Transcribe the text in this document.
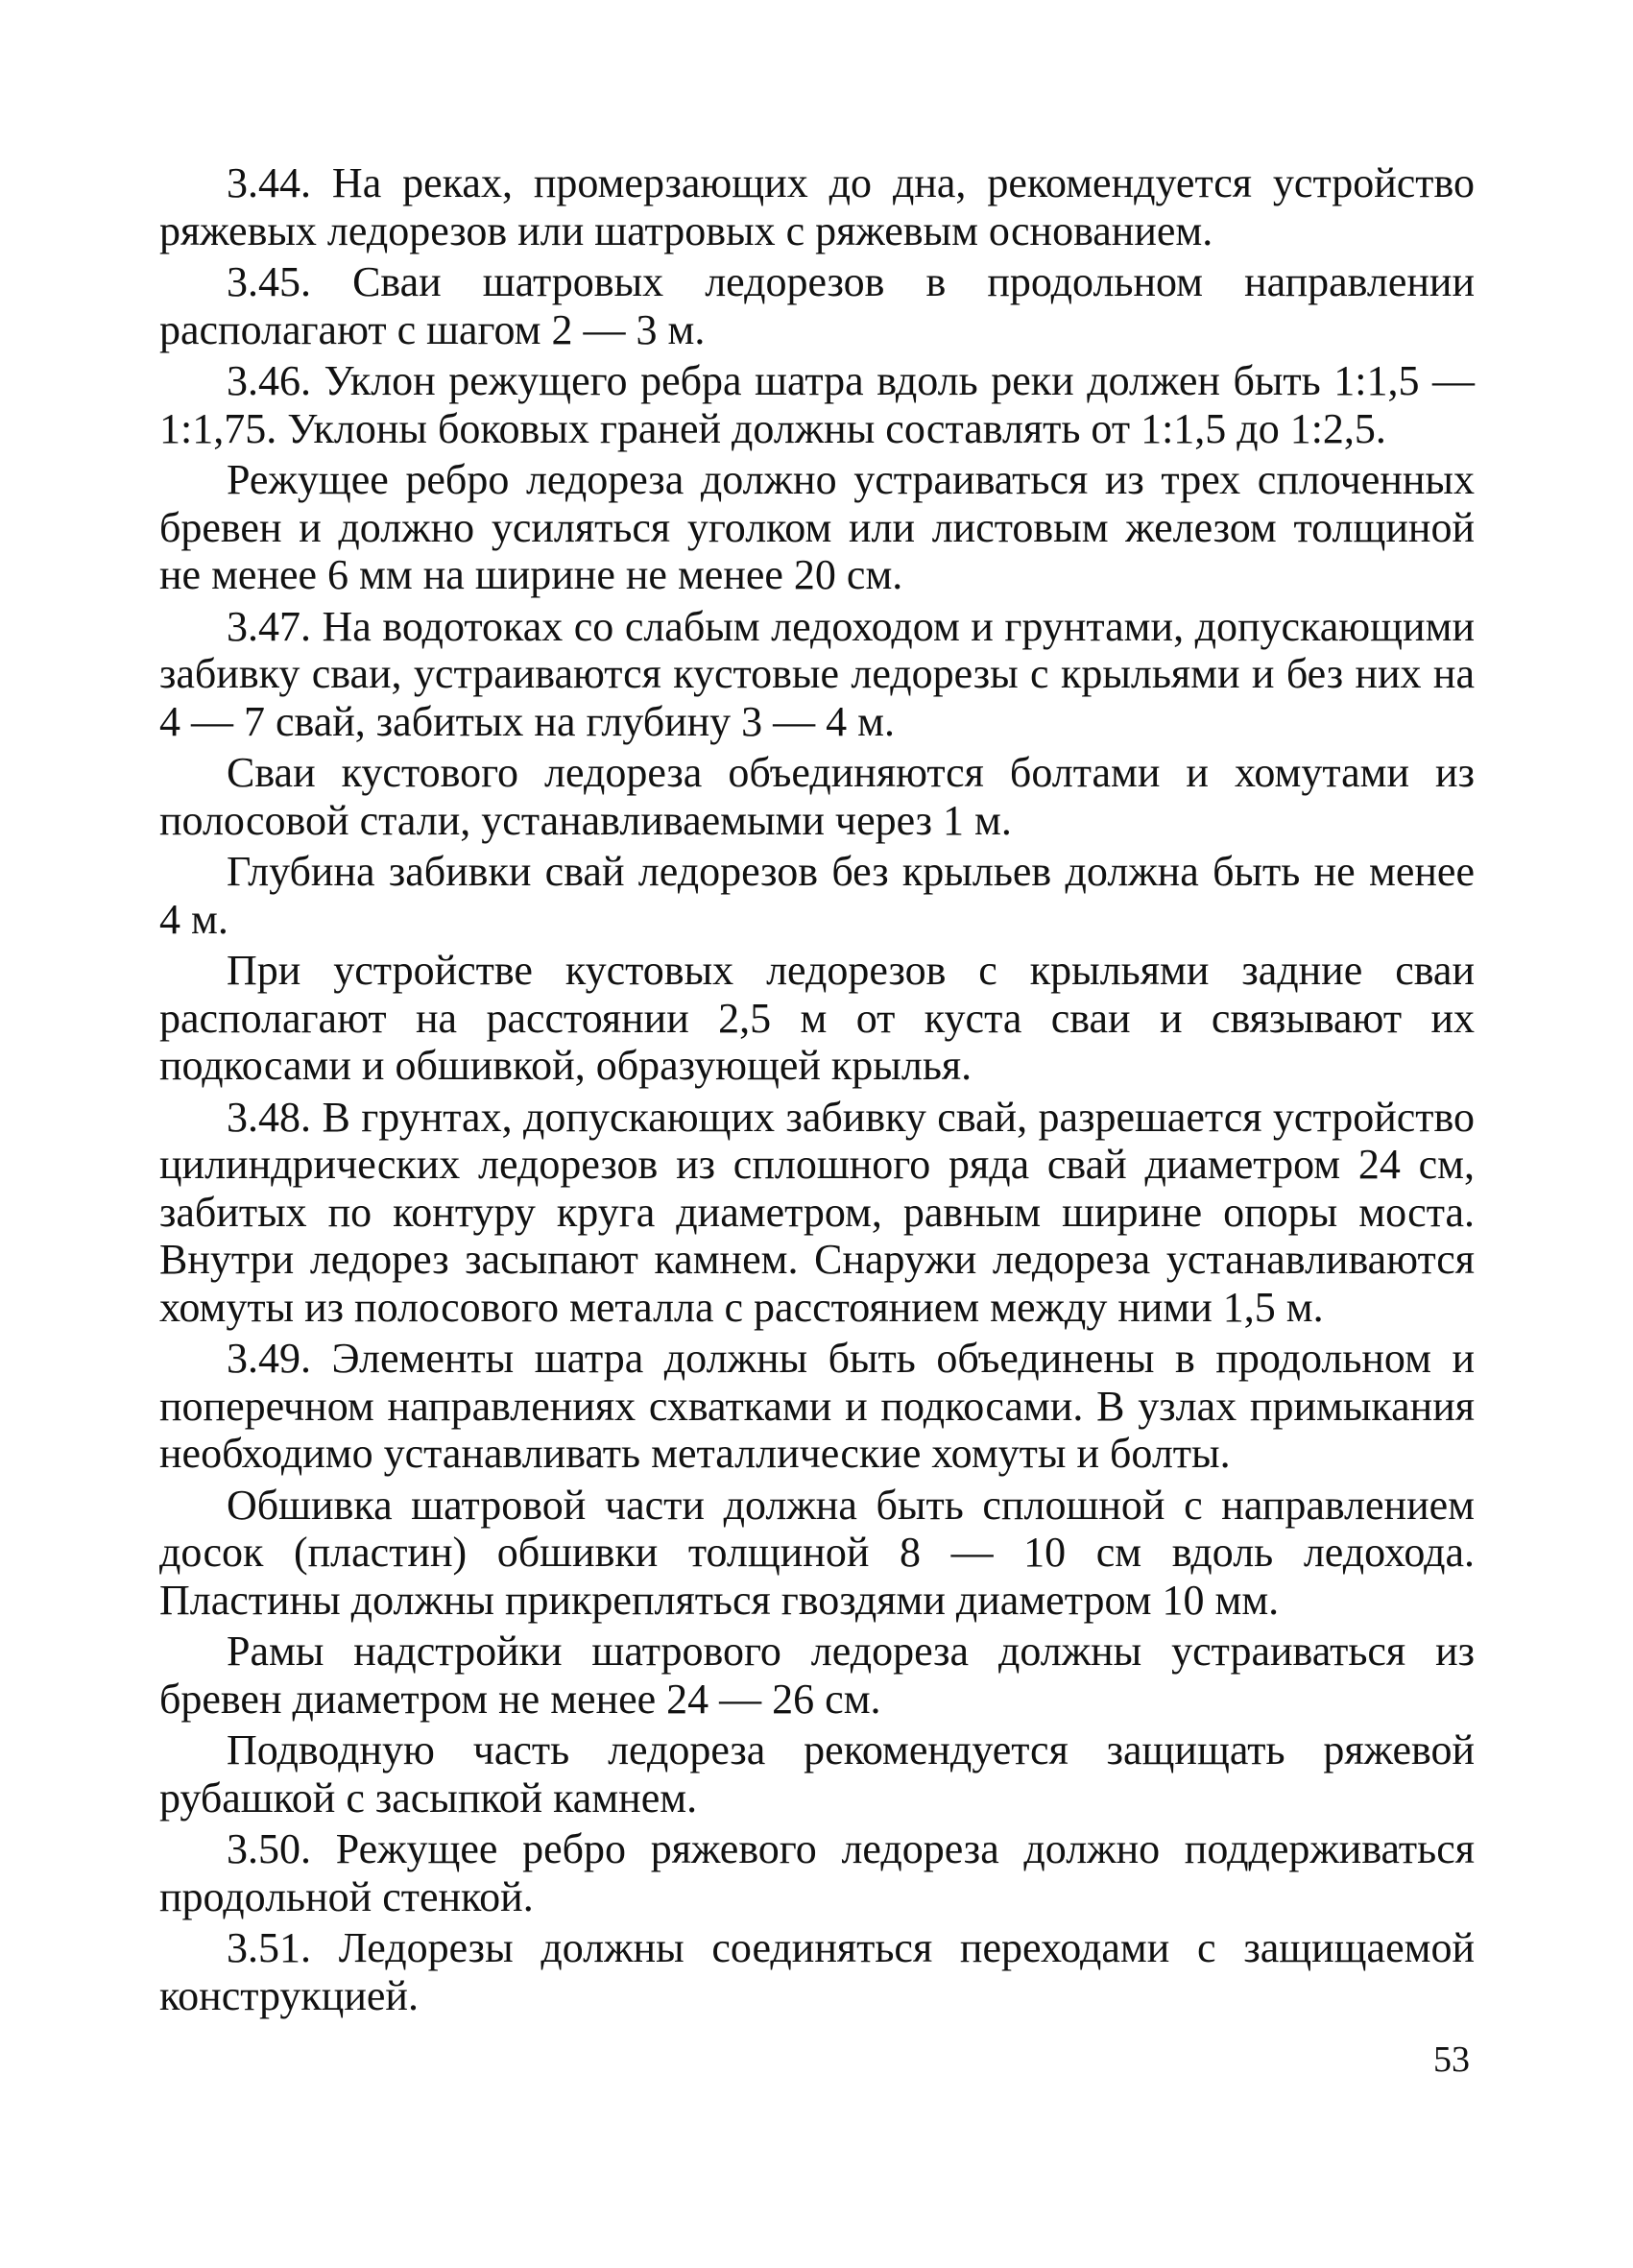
3.44. На реках, промерзающих до дна, рекомендуется устройство ряжевых ледорезов или шатровых с ряжевым основанием.

3.45. Сваи шатровых ледорезов в продольном направлении располагают с шагом 2 — 3 м.

3.46. Уклон режущего ребра шатра вдоль реки должен быть 1:1,5 — 1:1,75. Уклоны боковых граней должны составлять от 1:1,5 до 1:2,5.

Режущее ребро ледореза должно устраиваться из трех сплоченных бревен и должно усиляться уголком или листовым железом толщиной не менее 6 мм на ширине не менее 20 см.

3.47. На водотоках со слабым ледоходом и грунтами, допускающими забивку сваи, устраиваются кустовые ледорезы с крыльями и без них на 4 — 7 свай, забитых на глубину 3 — 4 м.

Сваи кустового ледореза объединяются болтами и хомутами из полосовой стали, устанавливаемыми через 1 м.

Глубина забивки свай ледорезов без крыльев должна быть не менее 4 м.

При устройстве кустовых ледорезов с крыльями задние сваи располагают на расстоянии 2,5 м от куста сваи и связывают их подкосами и обшивкой, образующей крылья.

3.48. В грунтах, допускающих забивку свай, разрешается устройство цилиндрических ледорезов из сплошного ряда свай диаметром 24 см, забитых по контуру круга диаметром, равным ширине опоры моста. Внутри ледорез засыпают камнем. Снаружи ледореза устанавливаются хомуты из полосового металла с расстоянием между ними 1,5 м.

3.49. Элементы шатра должны быть объединены в продольном и поперечном направлениях схватками и подкосами. В узлах примыкания необходимо устанавливать металлические хомуты и болты.

Обшивка шатровой части должна быть сплошной с направлением досок (пластин) обшивки толщиной 8 — 10 см вдоль ледохода. Пластины должны прикрепляться гвоздями диаметром 10 мм.

Рамы надстройки шатрового ледореза должны устраиваться из бревен диаметром не менее 24 — 26 см.

Подводную часть ледореза рекомендуется защищать ряжевой рубашкой с засыпкой камнем.

3.50. Режущее ребро ряжевого ледореза должно поддерживаться продольной стенкой.

3.51. Ледорезы должны соединяться переходами с защищаемой конструкцией.

53
